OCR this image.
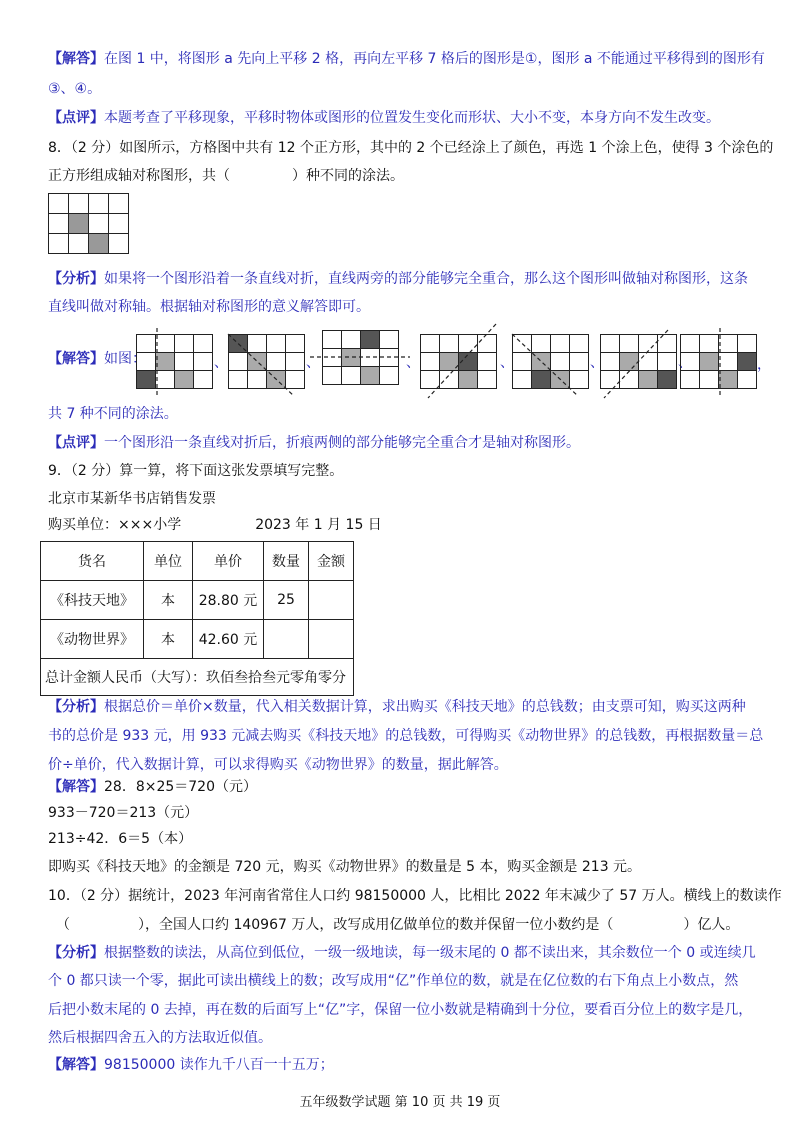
【解答】在图 1 中，将图形 a 先向上平移 2 格，再向左平移 7 格后的图形是①，图形 a 不能通过平移得到的图形有
③、④。
【点评】本题考查了平移现象，平移时物体或图形的位置发生变化而形状、大小不变，本身方向不发生改变。
8．（2 分）如图所示，方格图中共有 12 个正方形，其中的 2 个已经涂上了颜色，再选 1 个涂上色，使得 3 个涂色的
正方形组成轴对称图形，共（	）种不同的涂法。

【分析】如果将一个图形沿着一条直线对折，直线两旁的部分能够完全重合，那么这个图形叫做轴对称图形，这条
直线叫做对称轴。根据轴对称图形的意义解答即可。
【解答】如图：

				、

				、

				、

				、

				、

				、

				，
共 7 种不同的涂法。
【点评】一个图形沿一条直线对折后，折痕两侧的部分能够完全重合才是轴对称图形。
9．（2 分）算一算，将下面这张发票填写完整。
北京市某新华书店销售发票
购买单位：×××小学	2023 年 1 月 15 日
货名	单位	单价	数量	金额
《科技天地》	本	28.80 元	25	
《动物世界》	本	42.60 元		
总计金额人民币（大写）：玖佰叁拾叁元零角零分				
【分析】根据总价＝单价×数量，代入相关数据计算，求出购买《科技天地》的总钱数；由支票可知，购买这两种
书的总价是 933 元，用 933 元减去购买《科技天地》的总钱数，可得购买《动物世界》的总钱数，再根据数量＝总
价÷单价，代入数据计算，可以求得购买《动物世界》的数量，据此解答。
【解答】28．8×25＝720（元）
933－720＝213（元）
213÷42．6＝5（本）
即购买《科技天地》的金额是 720 元，购买《动物世界》的数量是 5 本，购买金额是 213 元。
10．（2 分）据统计，2023 年河南省常住人口约 98150000 人，比相比 2022 年末减少了 57 万人。横线上的数读作
（	），全国人口约 140967 万人，改写成用亿做单位的数并保留一位小数约是（	）亿人。
【分析】根据整数的读法，从高位到低位，一级一级地读，每一级末尾的 0 都不读出来，其余数位一个 0 或连续几
个 0 都只读一个零，据此可读出横线上的数；改写成用“亿”作单位的数，就是在亿位数的右下角点上小数点，然
后把小数末尾的 0 去掉，再在数的后面写上“亿”字，保留一位小数就是精确到十分位，要看百分位上的数字是几，
然后根据四舍五入的方法取近似值。
【解答】98150000 读作九千八百一十五万；
五年级数学试题 第 10 页 共 19 页
